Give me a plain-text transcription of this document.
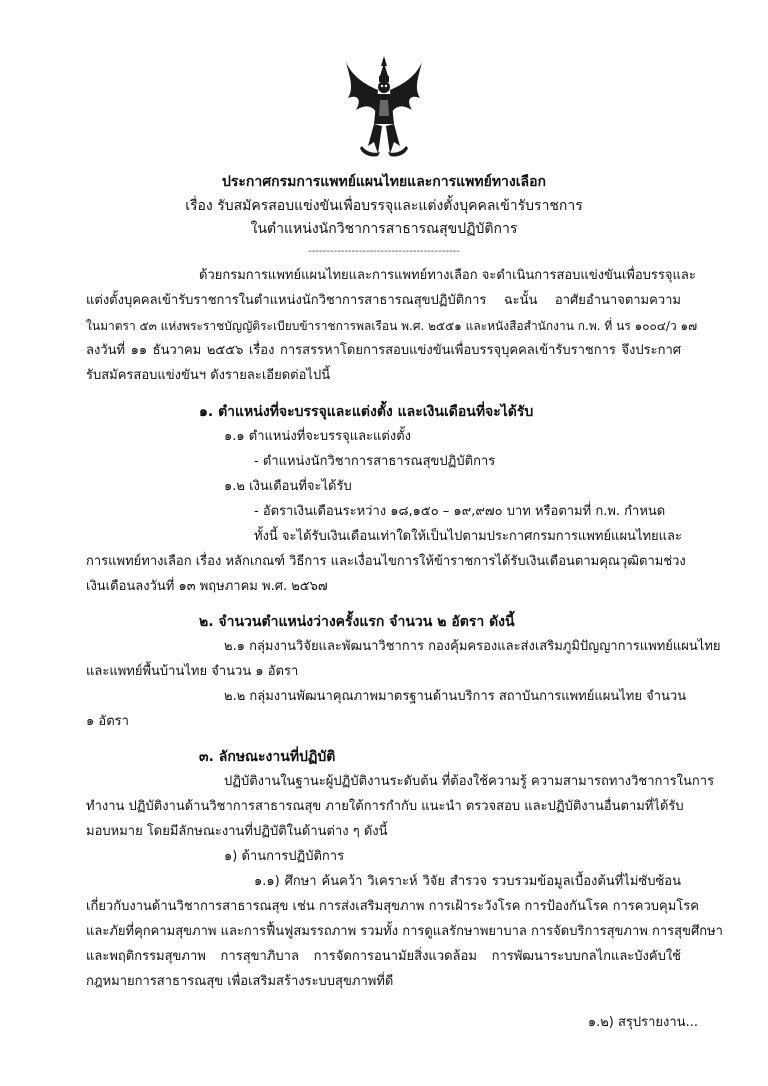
ประกาศกรมการแพทย์แผนไทยและการแพทย์ทางเลือก
เรื่อง รับสมัครสอบแข่งขันเพื่อบรรจุและแต่งตั้งบุคคลเข้ารับราชการ
ในตำแหน่งนักวิชาการสาธารณสุขปฏิบัติการ
------------------------------------------
ด้วยกรมการแพทย์แผนไทยและการแพทย์ทางเลือก จะดำเนินการสอบแข่งขันเพื่อบรรจุและ
แต่งตั้งบุคคลเข้ารับราชการในตำแหน่งนักวิชาการสาธารณสุขปฏิบัติการ ฉะนั้น อาศัยอำนาจตามความ
ในมาตรา ๕๓ แห่งพระราชบัญญัติระเบียบข้าราชการพลเรือน พ.ศ. ๒๕๕๑ และหนังสือสำนักงาน ก.พ. ที่ นร ๑๐๐๔/ว ๑๗
ลงวันที่ ๑๑ ธันวาคม ๒๕๕๖ เรื่อง การสรรหาโดยการสอบแข่งขันเพื่อบรรจุบุคคลเข้ารับราชการ จึงประกาศ
รับสมัครสอบแข่งขันฯ ดังรายละเอียดต่อไปนี้
๑. ตำแหน่งที่จะบรรจุและแต่งตั้ง และเงินเดือนที่จะได้รับ
๑.๑ ตำแหน่งที่จะบรรจุและแต่งตั้ง
- ตำแหน่งนักวิชาการสาธารณสุขปฏิบัติการ
๑.๒ เงินเดือนที่จะได้รับ
- อัตราเงินเดือนระหว่าง ๑๘,๑๕๐ – ๑๙,๙๗๐ บาท หรือตามที่ ก.พ. กำหนด
ทั้งนี้ จะได้รับเงินเดือนเท่าใดให้เป็นไปตามประกาศกรมการแพทย์แผนไทยและ
การแพทย์ทางเลือก เรื่อง หลักเกณฑ์ วิธีการ และเงื่อนไขการให้ข้าราชการได้รับเงินเดือนตามคุณวุฒิตามช่วง
เงินเดือนลงวันที่ ๑๓ พฤษภาคม พ.ศ. ๒๕๖๗
๒. จำนวนตำแหน่งว่างครั้งแรก จำนวน ๒ อัตรา ดังนี้
๒.๑ กลุ่มงานวิจัยและพัฒนาวิชาการ กองคุ้มครองและส่งเสริมภูมิปัญญาการแพทย์แผนไทย
และแพทย์พื้นบ้านไทย จำนวน ๑ อัตรา
๒.๒ กลุ่มงานพัฒนาคุณภาพมาตรฐานด้านบริการ สถาบันการแพทย์แผนไทย จำนวน
๑ อัตรา
๓. ลักษณะงานที่ปฏิบัติ
ปฏิบัติงานในฐานะผู้ปฏิบัติงานระดับต้น ที่ต้องใช้ความรู้ ความสามารถทางวิชาการในการ
ทำงาน ปฏิบัติงานด้านวิชาการสาธารณสุข ภายใต้การกำกับ แนะนำ ตรวจสอบ และปฏิบัติงานอื่นตามที่ได้รับ
มอบหมาย โดยมีลักษณะงานที่ปฏิบัติในด้านต่าง ๆ ดังนี้
๑) ด้านการปฏิบัติการ
๑.๑) ศึกษา ค้นคว้า วิเคราะห์ วิจัย สำรวจ รวบรวมข้อมูลเบื้องต้นที่ไม่ซับซ้อน
เกี่ยวกับงานด้านวิชาการสาธารณสุข เช่น การส่งเสริมสุขภาพ การเฝ้าระวังโรค การป้องกันโรค การควบคุมโรค
และภัยที่คุกคามสุขภาพ และการฟื้นฟูสมรรถภาพ รวมทั้ง การดูแลรักษาพยาบาล การจัดบริการสุขภาพ การสุขศึกษา
และพฤติกรรมสุขภาพ การสุขาภิบาล การจัดการอนามัยสิ่งแวดล้อม การพัฒนาระบบกลไกและบังคับใช้
กฎหมายการสาธารณสุข เพื่อเสริมสร้างระบบสุขภาพที่ดี
๑.๒) สรุปรายงาน...
